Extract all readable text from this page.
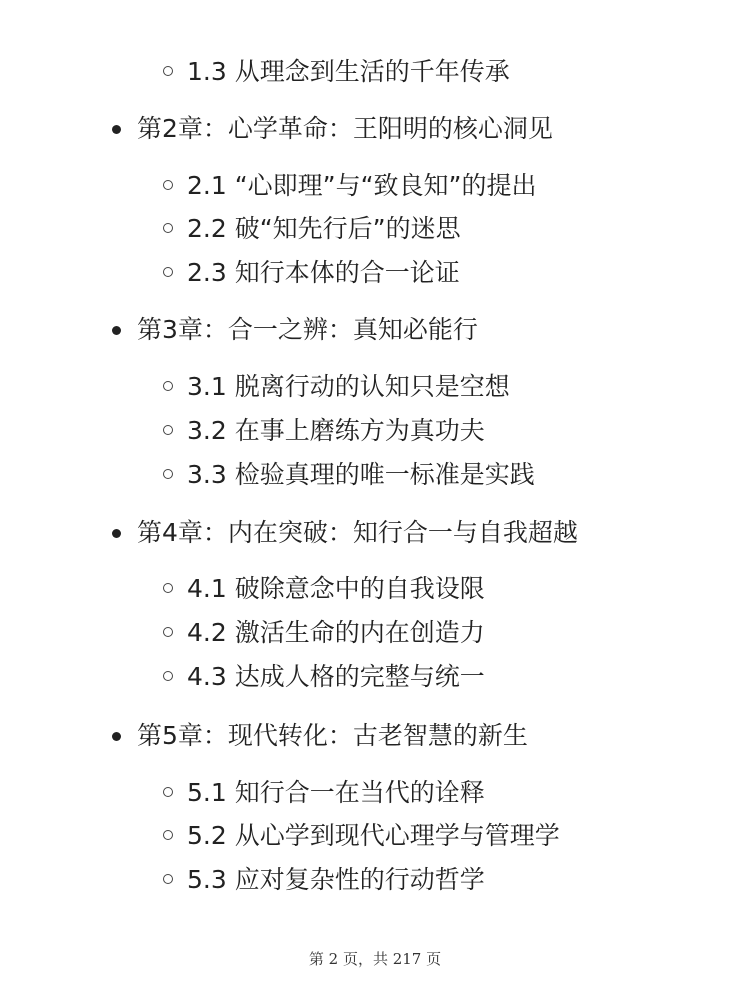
1.3 从理念到生活的千年传承
第2章：心学革命：王阳明的核心洞见
2.1 “心即理”与“致良知”的提出
2.2 破“知先行后”的迷思
2.3 知行本体的合一论证
第3章：合一之辨：真知必能行
3.1 脱离行动的认知只是空想
3.2 在事上磨练方为真功夫
3.3 检验真理的唯一标准是实践
第4章：内在突破：知行合一与自我超越
4.1 破除意念中的自我设限
4.2 激活生命的内在创造力
4.3 达成人格的完整与统一
第5章：现代转化：古老智慧的新生
5.1 知行合一在当代的诠释
5.2 从心学到现代心理学与管理学
5.3 应对复杂性的行动哲学
第 2 页，共 217 页
